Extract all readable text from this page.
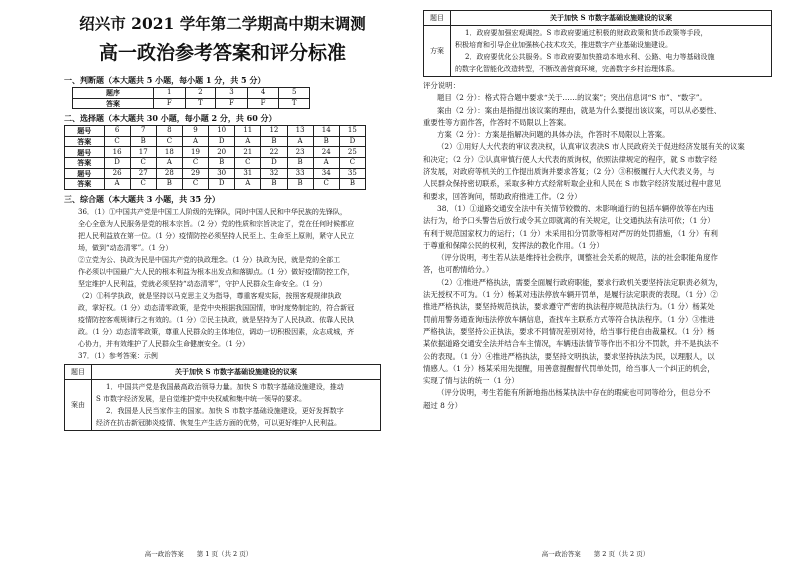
绍兴市 2021 学年第二学期高中期末调测
高一政治参考答案和评分标准
一、判断题（本大题共 5 小题，每小题 1 分，共 5 分）
题序	1	2	3	4	5
答案	F	T	F	F	T
二、选择题（本大题共 30 小题，每小题 2 分，共 60 分）
题号	6	7	8	9	10	11	12	13	14	15
答案	C	B	C	A	D	A	B	A	B	D
题号	16	17	18	19	20	21	22	23	24	25
答案	D	C	A	C	B	C	D	B	A	C
题号	26	27	28	29	30	31	32	33	34	35
答案	A	C	B	C	D	A	B	B	C	B
三、综合题（本大题共 3 小题，共 35 分）

36．（1）①中国共产党是中国工人阶级的先锋队，同时中国人民和中华民族的先锋队，

全心全意为人民服务是党的根本宗旨。（2 分）党的性质和宗旨决定了，党在任何时候都应

把人民利益放在第一位。（1 分）疫情防控必须坚持人民至上、生命至上原则，紧守人民立

场，做到“动态清零”。（1 分）

②立党为公、执政为民是中国共产党的执政理念。（1 分）执政为民，就是党的全部工

作必须以中国最广大人民的根本利益为根本出发点和落脚点。（1 分）做好疫情防控工作，

坚定维护人民利益，党就必须坚持“动态清零”，守护人民群众生命安全。（1 分）

（2）①科学执政，就是坚持以马克思主义为指导，尊重客观实际，按照客观规律执政

政，掌好权。（1 分）动态清零政策，是党中央根据我国国情，审时度势制定的，符合新冠

疫情防控客观规律行之有效的。（1 分）②民主执政，就是坚持为了人民执政、依靠人民执

政。（1 分）动态清零政策，尊重人民群众的主体地位，调动一切积极因素，众志成城，齐

心协力，并有效维护了人民群众生命健康安全。（1 分）

37．（1）参考答案：示例

题目	关于加快 S 市数字基础设施建设的议案
案由	1．中国共产党是我国最高政治领导力量。加快 S 市数字基础设施建设，推动
S 市数字经济发展，是自觉维护党中央权威和集中统一领导的要求。
2．我国是人民当家作主的国家。加快 S 市数字基础设施建设，更好发挥数字
经济在抗击新冠肺炎疫情、恢复生产生活方面的优势，可以更好维护人民利益。
高一政治答案　　第 1 页（共 2 页）
题目	关于加快 S 市数字基础设施建设的议案
方案	1．政府要加强宏观调控。S 市政府要通过积极的财政政策和货币政策等手段，
积极培育和引导企业加强核心技术攻关，推进数字产业基础设施建设。
2．政府要优化公共服务。S 市政府要加快推动本地水利、公路、电力等基础设施
的数字化智能化改造转型，不断改善营商环境，完善数字乡村治理体系。

评分说明：

题目（2 分）：格式符合题中要求“关于……的议案”；突出信息词“S 市”、“数字”。

案由（2 分）：案由是指提出该议案的理由，就是为什么要提出该议案，可以从必要性、

重要性等方面作答，作答时不局限以上答案。

方案（2 分）：方案是指解决问题的具体办法，作答时不局限以上答案。

（2）①用好人大代表的审议表决权，认真审议表决S 市人民政府关于促进经济发展有关的议案

和决定；（2 分）②认真审慎行使人大代表的质询权，依照法律规定的程序，就 S 市数字经

济发展，对政府等机关的工作提出质询并要求答复；（2 分）③积极履行人大代表义务，与

人民群众保持密切联系，采取多种方式经常听取企业和人民在 S 市数字经济发展过程中意见

和要求，回答询问，帮助政府推进工作。（2 分）

38．（1）①道路交通安全法中有关情节较微的、未影响道行的包括车辆停放等在内违

法行为，给予口头警告后放行或令其立即就离的有关规定，让交通执法有法可依；（1 分）

有利于规范国家权力的运行；（1 分）未采用扣分罚款等相对严厉的处罚措施，（1 分）有利

于尊重和保障公民的权利，发挥法的教化作用。（1 分）

（评分说明，考生若从法是维持社会秩序，调整社会关系的规范，法的社会职能角度作

答，也可酌情给分。）

（2）①推进严格执法，需要全面履行政府职能，要求行政机关要坚持法定职责必须为，

法无授权不可为。（1 分）杨某对违法停放车辆开罚单，是履行法定职责的表现。（1 分）②

推进严格执法，要坚持规范执法，要求遵守严密的执法程序规范执法行为。（1 分）杨某处

罚前用警务通查询违法停放车辆信息，查找车主联系方式等符合执法程序。（1 分）③推进

严格执法，要坚持公正执法，要求不同情况差别对待，给当事行使自由裁量权。（1 分）杨

某依据道路交通安全法并结合车主情况，车辆违法情节等作出不扣分不罚款，并不是执法不

公的表现。（1 分）④推进严格执法，要坚持文明执法，要求坚持执法为民，以理服人，以

情感人。（1 分）杨某采用先提醒，用善意提醒督代罚单处罚，给当事人一个纠正的机会，

实现了情与法的统一（1 分）

（评分说明，考生若能有所新地指出杨某执法中存在的瑕疵也可同等给分，但总分不

超过 8 分）

高一政治答案　　第 2 页（共 2 页）
